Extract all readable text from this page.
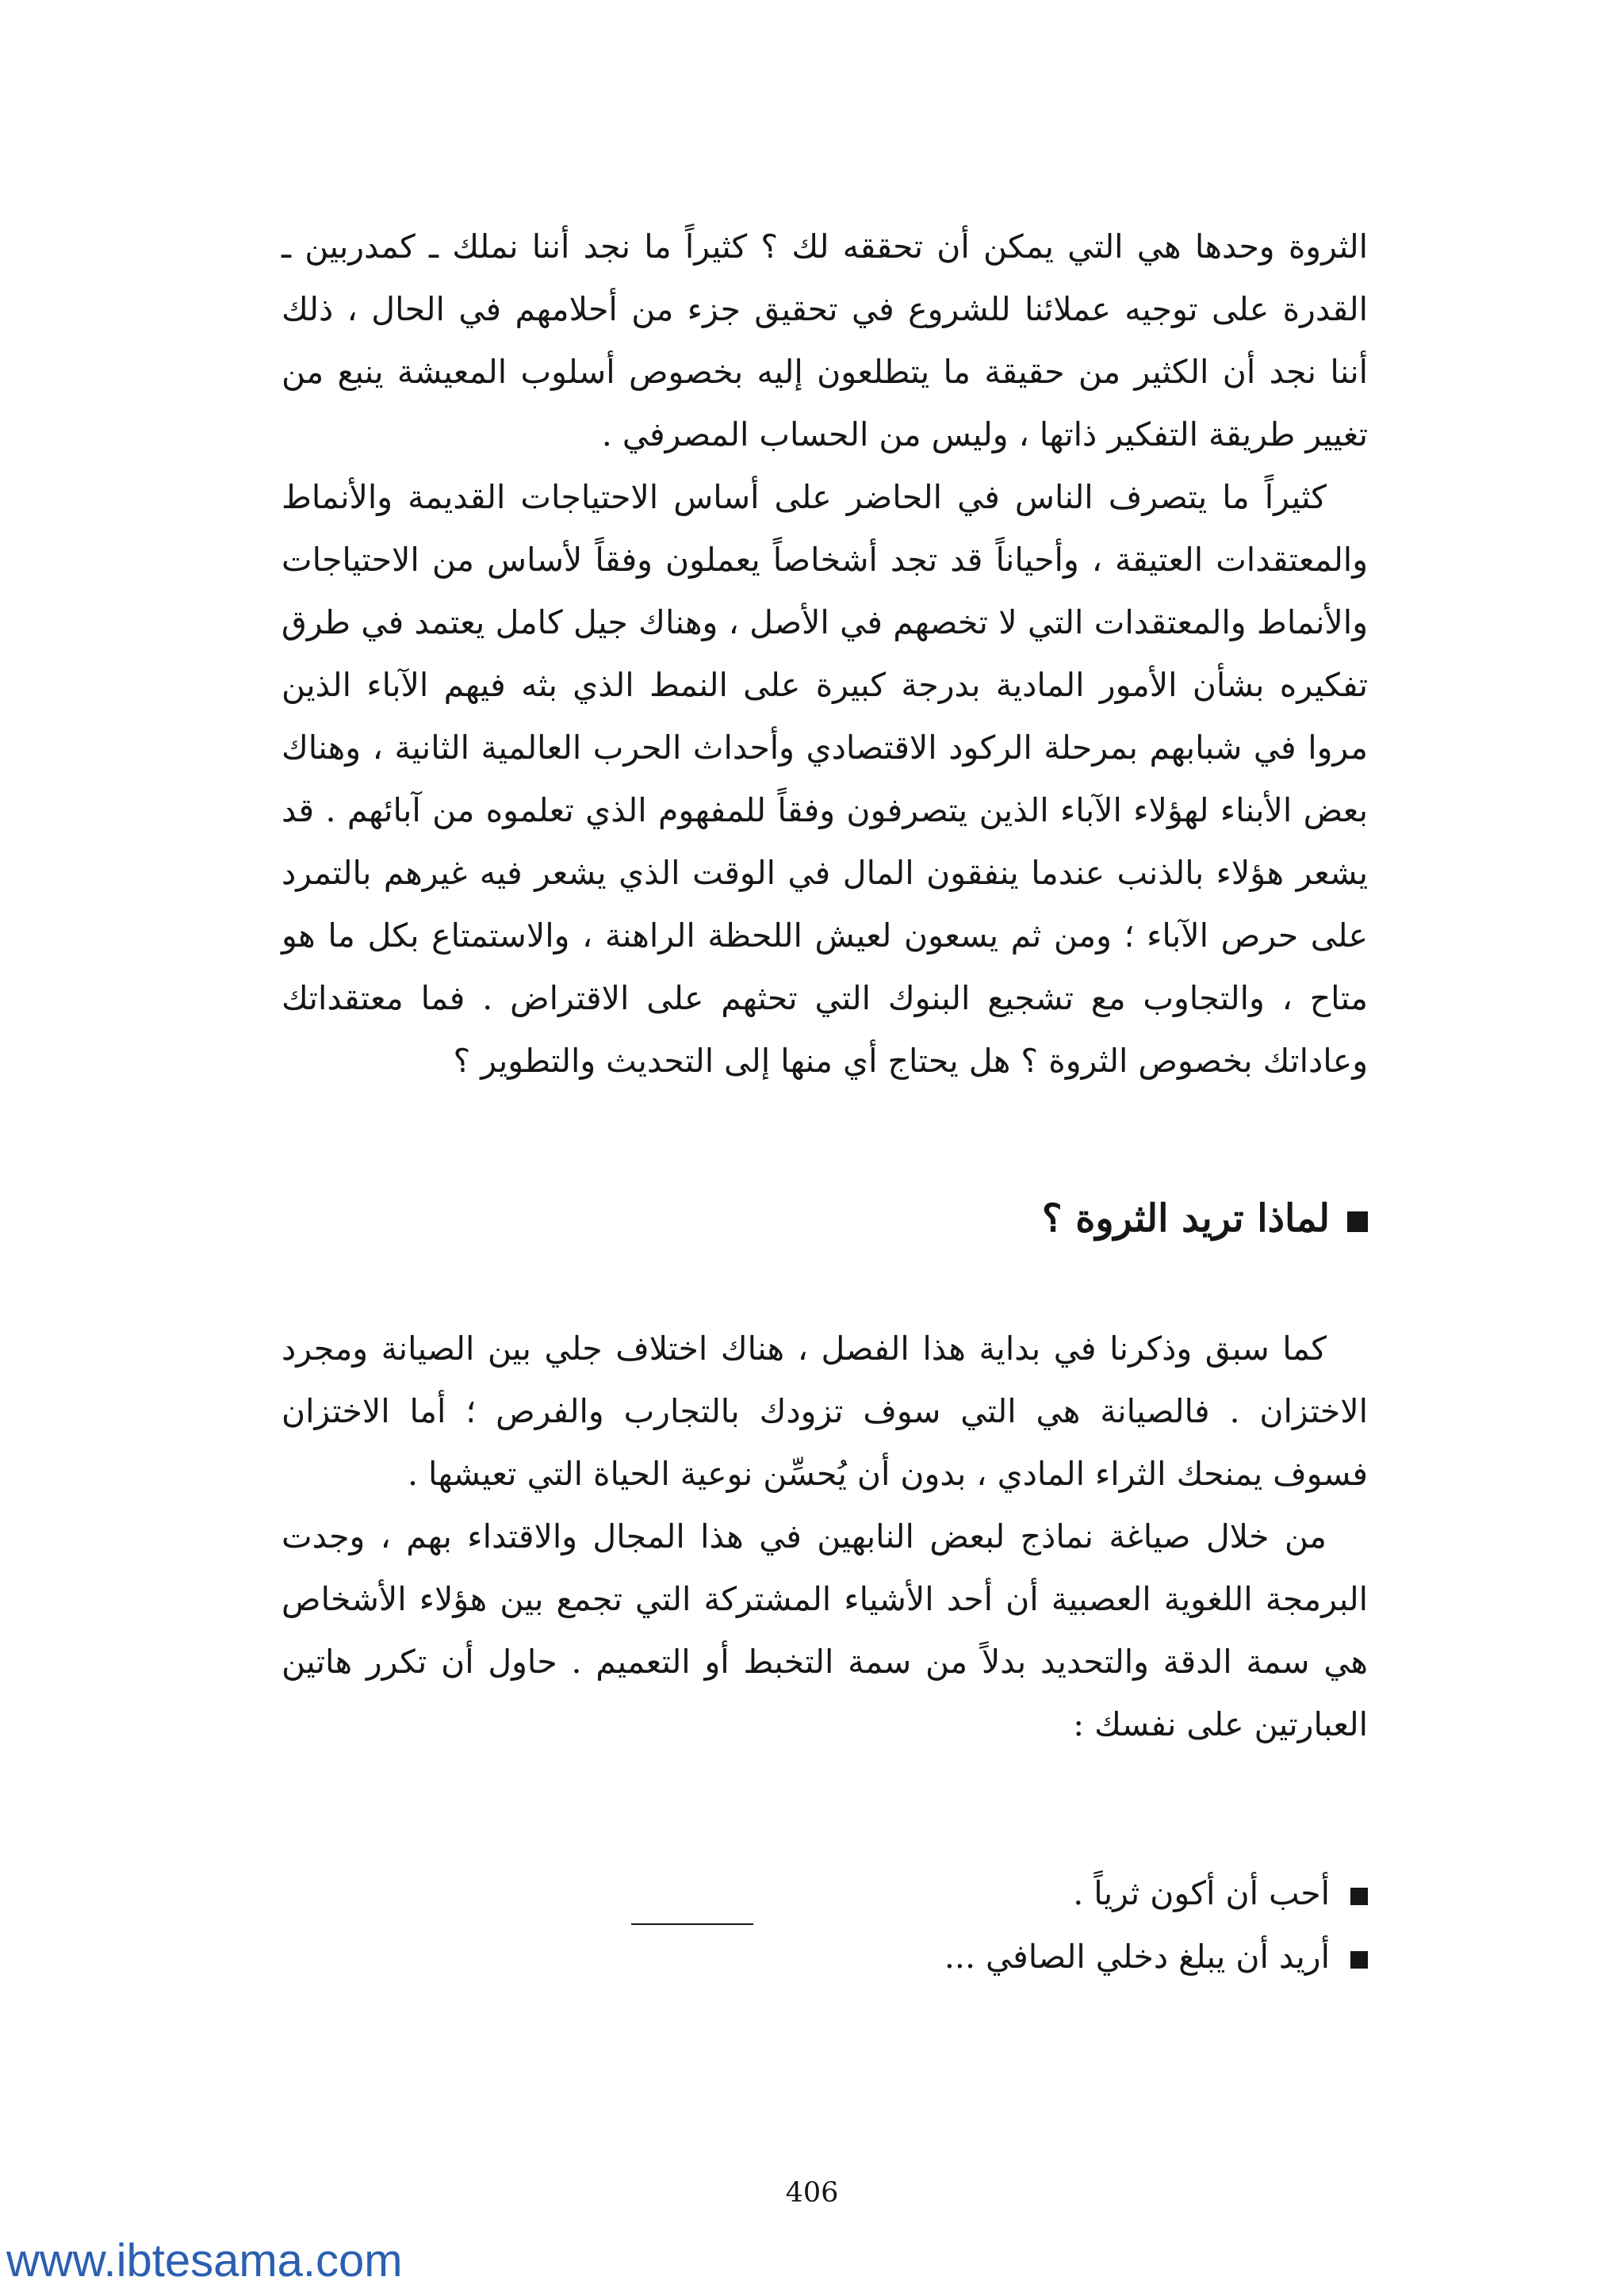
الثروة وحدها هي التي يمكن أن تحققه لك ؟ كثيراً ما نجد أننا نملك ـ كمدربين ـ القدرة على توجيه عملائنا للشروع في تحقيق جزء من أحلامهم في الحال ، ذلك أننا نجد أن الكثير من حقيقة ما يتطلعون إليه بخصوص أسلوب المعيشة ينبع من تغيير طريقة التفكير ذاتها ، وليس من الحساب المصرفي .

كثيراً ما يتصرف الناس في الحاضر على أساس الاحتياجات القديمة والأنماط والمعتقدات العتيقة ، وأحياناً قد تجد أشخاصاً يعملون وفقاً لأساس من الاحتياجات والأنماط والمعتقدات التي لا تخصهم في الأصل ، وهناك جيل كامل يعتمد في طرق تفكيره بشأن الأمور المادية بدرجة كبيرة على النمط الذي بثه فيهم الآباء الذين مروا في شبابهم بمرحلة الركود الاقتصادي وأحداث الحرب العالمية الثانية ، وهناك بعض الأبناء لهؤلاء الآباء الذين يتصرفون وفقاً للمفهوم الذي تعلموه من آبائهم . قد يشعر هؤلاء بالذنب عندما ينفقون المال في الوقت الذي يشعر فيه غيرهم بالتمرد على حرص الآباء ؛ ومن ثم يسعون لعيش اللحظة الراهنة ، والاستمتاع بكل ما هو متاح ، والتجاوب مع تشجيع البنوك التي تحثهم على الاقتراض . فما معتقداتك وعاداتك بخصوص الثروة ؟ هل يحتاج أي منها إلى التحديث والتطوير ؟

لماذا تريد الثروة ؟

كما سبق وذكرنا في بداية هذا الفصل ، هناك اختلاف جلي بين الصيانة ومجرد الاختزان . فالصيانة هي التي سوف تزودك بالتجارب والفرص ؛ أما الاختزان فسوف يمنحك الثراء المادي ، بدون أن يُحسِّن نوعية الحياة التي تعيشها .

من خلال صياغة نماذج لبعض النابهين في هذا المجال والاقتداء بهم ، وجدت البرمجة اللغوية العصبية أن أحد الأشياء المشتركة التي تجمع بين هؤلاء الأشخاص هي سمة الدقة والتحديد بدلاً من سمة التخبط أو التعميم . حاول أن تكرر هاتين العبارتين على نفسك :

أحب أن أكون ثرياً .
أريد أن يبلغ دخلي الصافي ...
406
www.ibtesama.com
